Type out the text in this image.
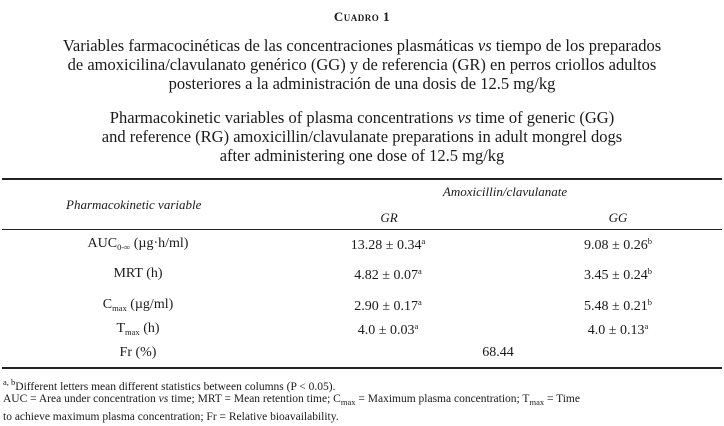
Cuadro 1
Variables farmacocinéticas de las concentraciones plasmáticas vs tiempo de los preparados
de amoxicilina/clavulanato genérico (GG) y de referencia (GR) en perros criollos adultos
posteriores a la administración de una dosis de 12.5 mg/kg
Pharmacokinetic variables of plasma concentrations vs time of generic (GG)
and reference (RG) amoxicillin/clavulanate preparations in adult mongrel dogs
after administering one dose of 12.5 mg/kg
Pharmacokinetic variable
Amoxicillin/clavulanate
GR	GG
$AUC_{0-\infty}$ (µg·h/ml)	13.28 ± 0.34$^a$	9.08 ± 0.26$^b$
MRT (h)	4.82 ± 0.07$^a$	3.45 ± 0.24$^b$
$C_{max}$ (µg/ml)	2.90 ± 0.17$^a$	5.48 ± 0.21$^b$
$T_{max}$ (h)	4.0 ± 0.03$^a$	4.0 ± 0.13$^a$
Fr (%)	68.44
$^{a, b}$Different letters mean different statistics between columns (P < 0.05).
AUC = Area under concentration vs time; MRT = Mean retention time; $C_{max}$ = Maximum plasma concentration; $T_{max}$ = Time
to achieve maximum plasma concentration; Fr = Relative bioavailability.
